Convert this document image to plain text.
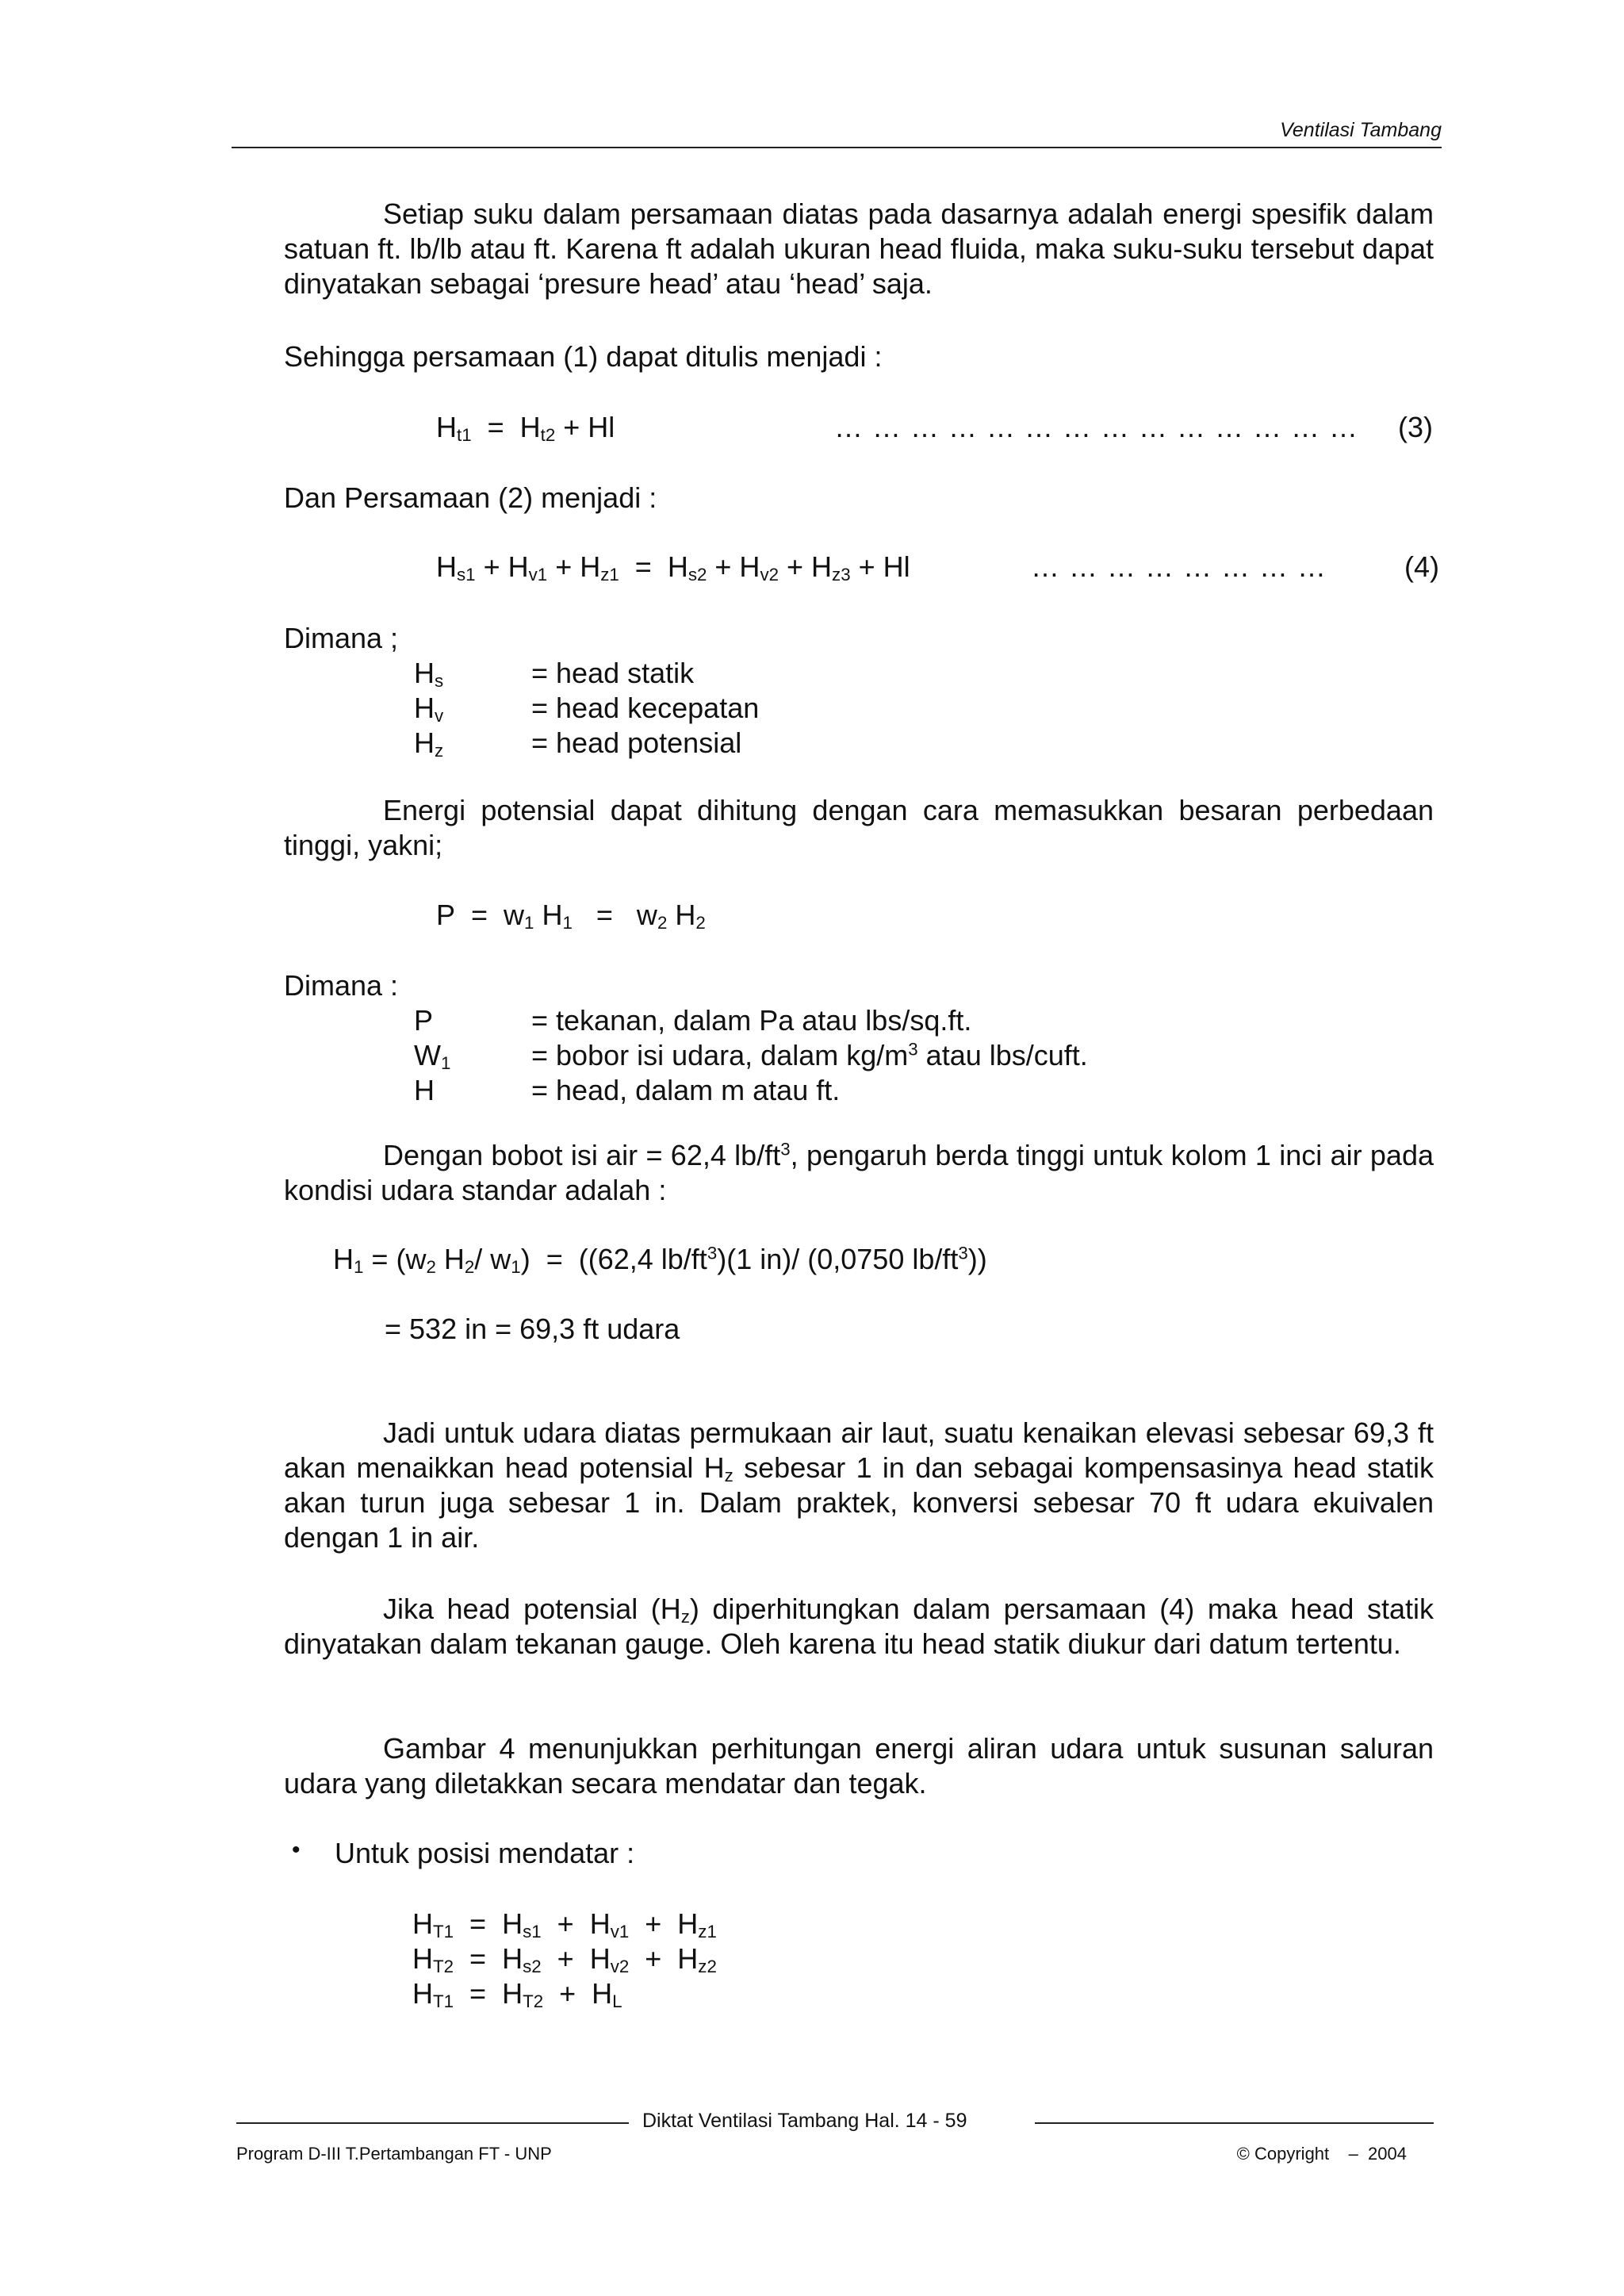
Ventilasi Tambang
Setiap suku dalam persamaan diatas pada dasarnya adalah energi spesifik dalam satuan ft. lb/lb atau ft. Karena ft adalah ukuran head fluida, maka suku-suku tersebut dapat dinyatakan sebagai ‘presure head’ atau ‘head’ saja.
Sehingga persamaan (1) dapat ditulis menjadi :
$H_{t1} = H_{t2} + Hl$	… … … … … … … … … … … … … … (3)
Dan Persamaan (2) menjadi :
$H_{s1} + H_{v1} + H_{z1} = H_{s2} + H_{v2} + H_{z3} + Hl$	… … … … … … … …	(4)
Dimana ;
$H_s$	= head statik
$H_v$	= head kecepatan
$H_z$	= head potensial
Energi potensial dapat dihitung dengan cara memasukkan besaran perbedaan tinggi, yakni;
$P = w_1$ $H_1 = w_2$ $H_2$
Dimana :
P	= tekanan, dalam Pa atau lbs/sq.ft.
$W_1$	= bobor isi udara, dalam $kg/m^3$ atau lbs/cuft.
H	= head, dalam m atau ft.
Dengan bobot isi air = 62,4 $lb/ft^3$, pengaruh berda tinggi untuk kolom 1 inci air pada kondisi udara standar adalah :
$H_1 = (w_2$ $H_2/$ $w_1) = ((62,4$ $lb/ft^3)(1$ in)/ (0,0750 $lb/ft^3$))
= 532 in = 69,3 ft udara
Jadi untuk udara diatas permukaan air laut, suatu kenaikan elevasi sebesar 69,3 ft akan menaikkan head potensial $H_z$ sebesar 1 in dan sebagai kompensasinya head statik akan turun juga sebesar 1 in. Dalam praktek, konversi sebesar 70 ft udara ekuivalen dengan 1 in air.
Jika head potensial $(H_z)$ diperhitungkan dalam persamaan (4) maka head statik dinyatakan dalam tekanan gauge. Oleh karena itu head statik diukur dari datum tertentu.
Gambar 4 menunjukkan perhitungan energi aliran udara untuk susunan saluran udara yang diletakkan secara mendatar dan tegak.
• Untuk posisi mendatar :
$H_{T1} = H_{s1} + H_{v1} + H_{z1}$
$H_{T2} = H_{s2} + H_{v2} + H_{z2}$
$H_{T1} = H_{T2} + H_L$
Diktat Ventilasi Tambang Hal. 14 - 59
Program D-III T.Pertambangan FT - UNP	© Copyright    –  2004
